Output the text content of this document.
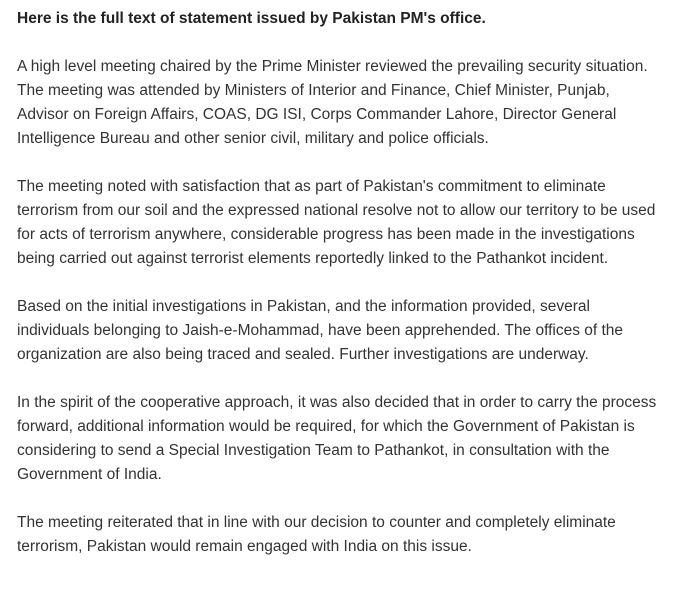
Here is the full text of statement issued by Pakistan PM's office.

A high level meeting chaired by the Prime Minister reviewed the prevailing security situation. The meeting was attended by Ministers of Interior and Finance, Chief Minister, Punjab, Advisor on Foreign Affairs, COAS, DG ISI, Corps Commander Lahore, Director General Intelligence Bureau and other senior civil, military and police officials.

The meeting noted with satisfaction that as part of Pakistan's commitment to eliminate terrorism from our soil and the expressed national resolve not to allow our territory to be used for acts of terrorism anywhere, considerable progress has been made in the investigations being carried out against terrorist elements reportedly linked to the Pathankot incident.

Based on the initial investigations in Pakistan, and the information provided, several individuals belonging to Jaish-e-Mohammad, have been apprehended. The offices of the organization are also being traced and sealed. Further investigations are underway.

In the spirit of the cooperative approach, it was also decided that in order to carry the process forward, additional information would be required, for which the Government of Pakistan is considering to send a Special Investigation Team to Pathankot, in consultation with the Government of India.

The meeting reiterated that in line with our decision to counter and completely eliminate terrorism, Pakistan would remain engaged with India on this issue.
